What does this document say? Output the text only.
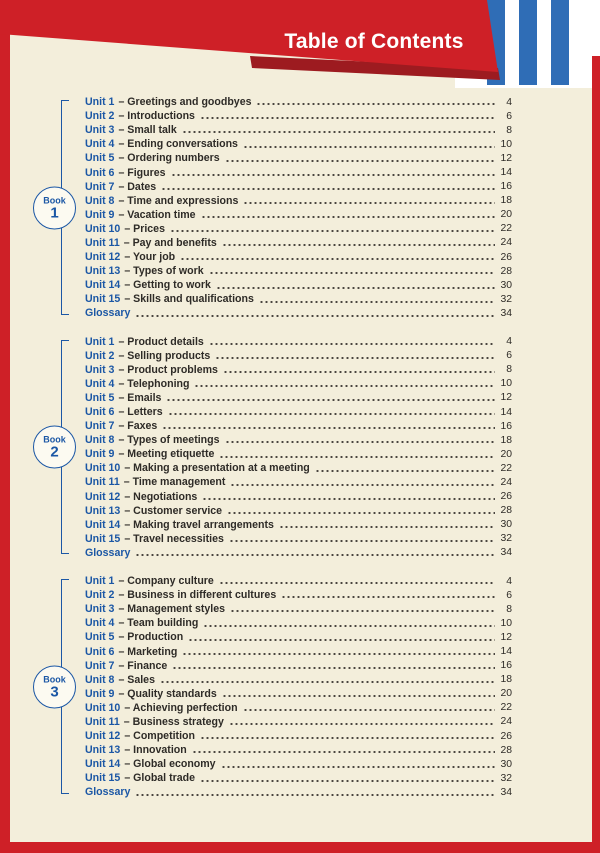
Table of Contents
Book
1
Unit 1 – Greetings and goodbyes	4
Unit 2 – Introductions	6
Unit 3 – Small talk	8
Unit 4 – Ending conversations	10
Unit 5 – Ordering numbers	12
Unit 6 – Figures	14
Unit 7 – Dates	16
Unit 8 – Time and expressions	18
Unit 9 – Vacation time	20
Unit 10 – Prices	22
Unit 11 – Pay and benefits	24
Unit 12 – Your job	26
Unit 13 – Types of work	28
Unit 14 – Getting to work	30
Unit 15 – Skills and qualifications	32
Glossary	34
Book
2
Unit 1 – Product details	4
Unit 2 – Selling products	6
Unit 3 – Product problems	8
Unit 4 – Telephoning	10
Unit 5 – Emails	12
Unit 6 – Letters	14
Unit 7 – Faxes	16
Unit 8 – Types of meetings	18
Unit 9 – Meeting etiquette	20
Unit 10 – Making a presentation at a meeting	22
Unit 11 – Time management	24
Unit 12 – Negotiations	26
Unit 13 – Customer service	28
Unit 14 – Making travel arrangements	30
Unit 15 – Travel necessities	32
Glossary	34
Book
3
Unit 1 – Company culture	4
Unit 2 – Business in different cultures	6
Unit 3 – Management styles	8
Unit 4 – Team building	10
Unit 5 – Production	12
Unit 6 – Marketing	14
Unit 7 – Finance	16
Unit 8 – Sales	18
Unit 9 – Quality standards	20
Unit 10 – Achieving perfection	22
Unit 11 – Business strategy	24
Unit 12 – Competition	26
Unit 13 – Innovation	28
Unit 14 – Global economy	30
Unit 15 – Global trade	32
Glossary	34
